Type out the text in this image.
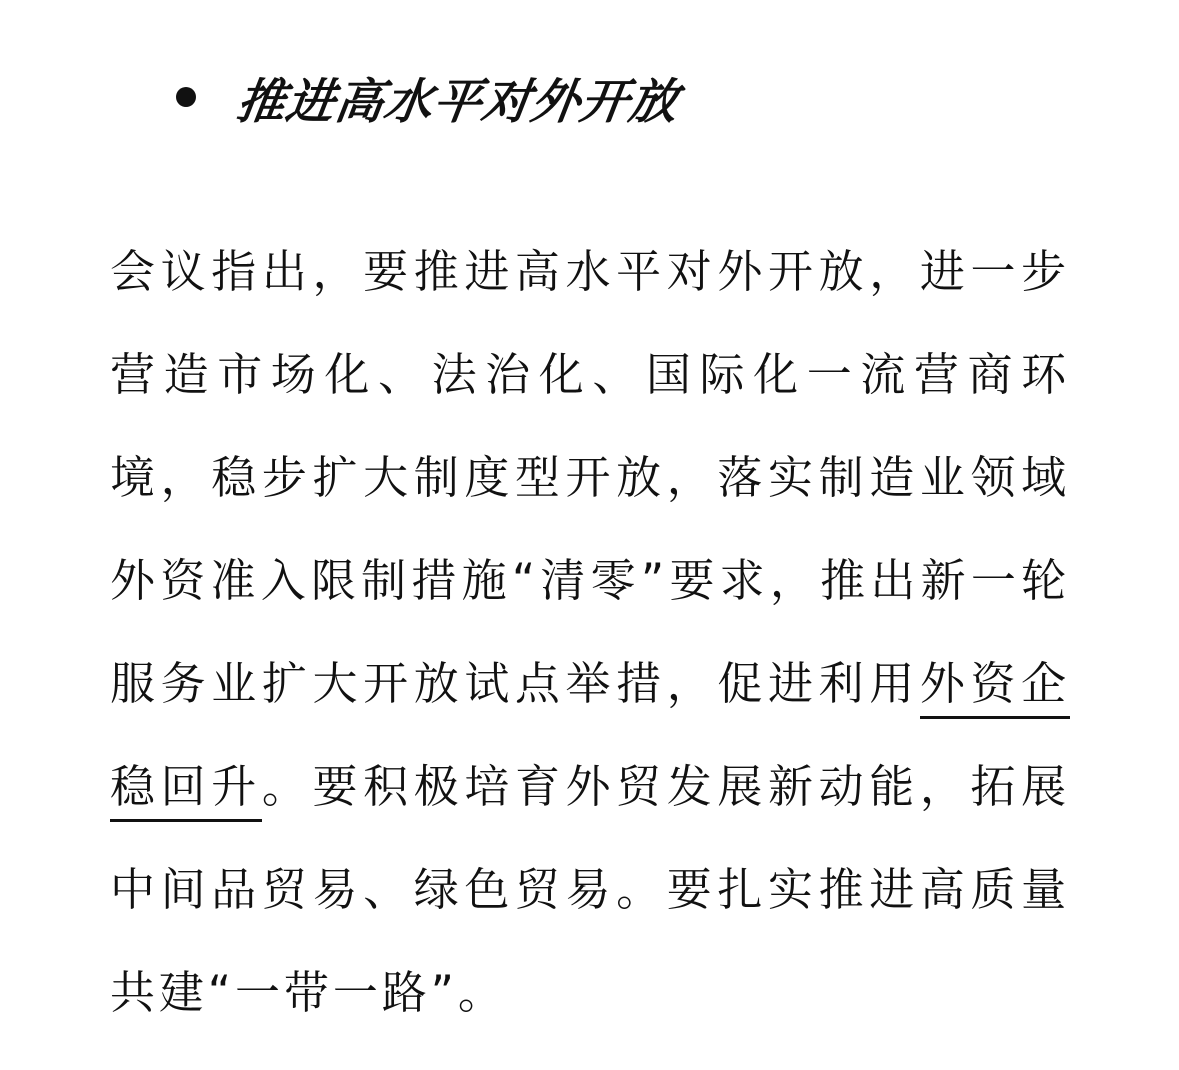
推进高水平对外开放

会议指出，要推进高水平对外开放，进一步营造市场化、法治化、国际化一流营商环境，稳步扩大制度型开放，落实制造业领域外资准入限制措施“清零”要求，推出新一轮服务业扩大开放试点举措，促进利用外资企稳回升。要积极培育外贸发展新动能，拓展中间品贸易、绿色贸易。要扎实推进高质量共建“一带一路”。
